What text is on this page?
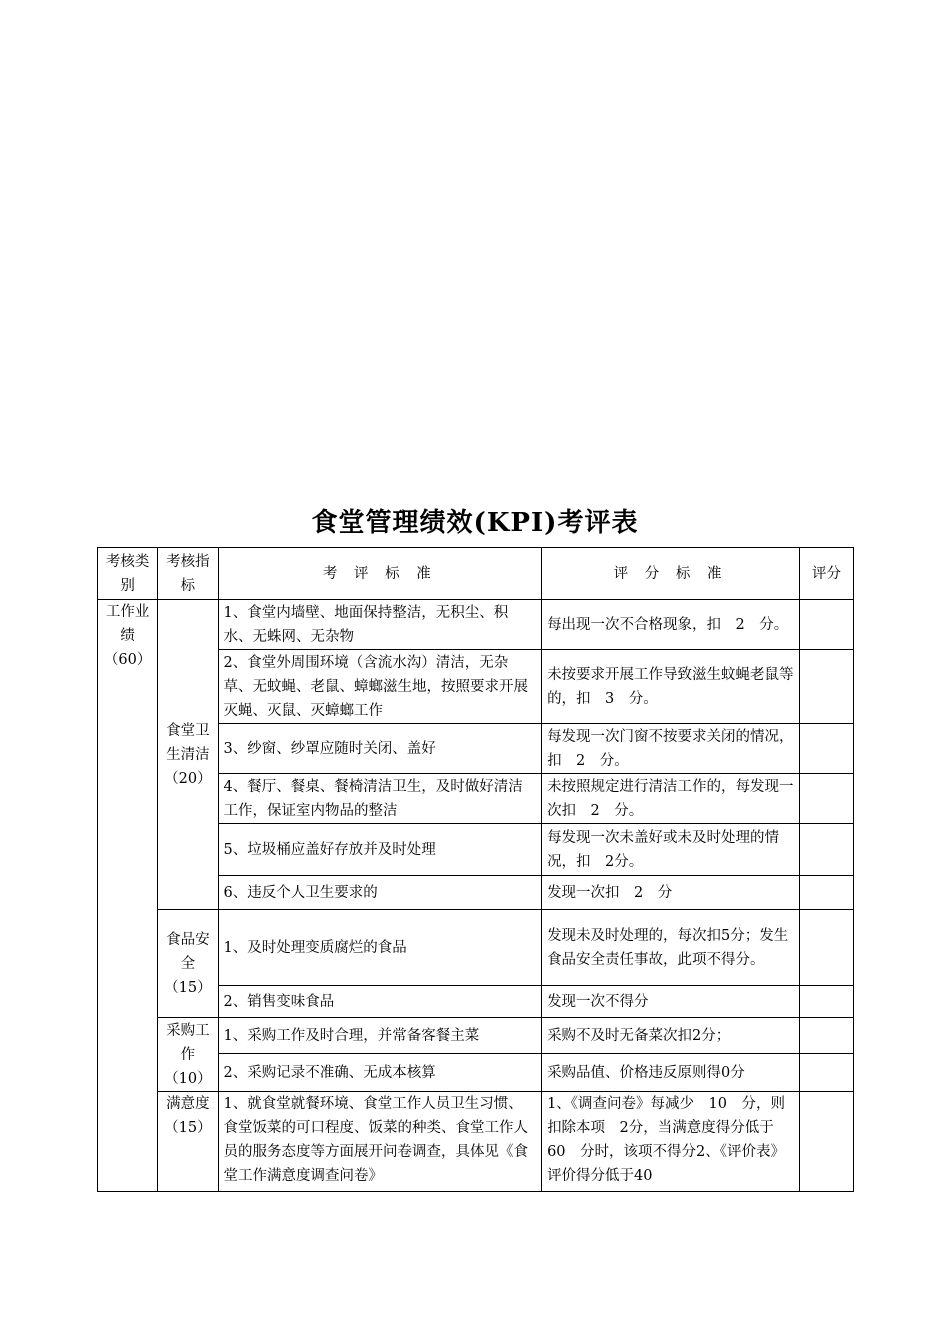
食堂管理绩效(KPI)考评表
考核类别	考核指标	考 评 标 准	评 分 标 准	评分
工作业绩（60）	食堂卫生清洁（20）	1、食堂内墙壁、地面保持整洁，无积尘、积水、无蛛网、无杂物	每出现一次不合格现象，扣　2　分。	
		2、食堂外周围环境（含流水沟）清洁，无杂草、无蚊蝇、老鼠、蟑螂滋生地，按照要求开展灭蝇、灭鼠、灭蟑螂工作	未按要求开展工作导致滋生蚊蝇老鼠等的，扣　3　分。	
		3、纱窗、纱罩应随时关闭、盖好	每发现一次门窗不按要求关闭的情况，扣　2　分。	
		4、餐厅、餐桌、餐椅清洁卫生，及时做好清洁工作，保证室内物品的整洁	未按照规定进行清洁工作的，每发现一次扣　2　分。	
		5、垃圾桶应盖好存放并及时处理	每发现一次未盖好或未及时处理的情况，扣　2分。	
		6、违反个人卫生要求的	发现一次扣　2　分	
	食品安全（15）	1、及时处理变质腐烂的食品	发现未及时处理的，每次扣5分；发生食品安全责任事故，此项不得分。	
		2、销售变味食品	发现一次不得分	
	采购工作（10）	1、采购工作及时合理，并常备客餐主菜	采购不及时无备菜次扣2分；	
		2、采购记录不准确、无成本核算	采购品值、价格违反原则得0分	
	满意度（15）	1、就食堂就餐环境、食堂工作人员卫生习惯、食堂饭菜的可口程度、饭菜的种类、食堂工作人员的服务态度等方面展开问卷调查，具体见《食堂工作满意度调查问卷》	1、《调查问卷》每减少　10　分，则扣除本项　2分，当满意度得分低于　60　分时，该项不得分2、《评价表》评价得分低于40	
